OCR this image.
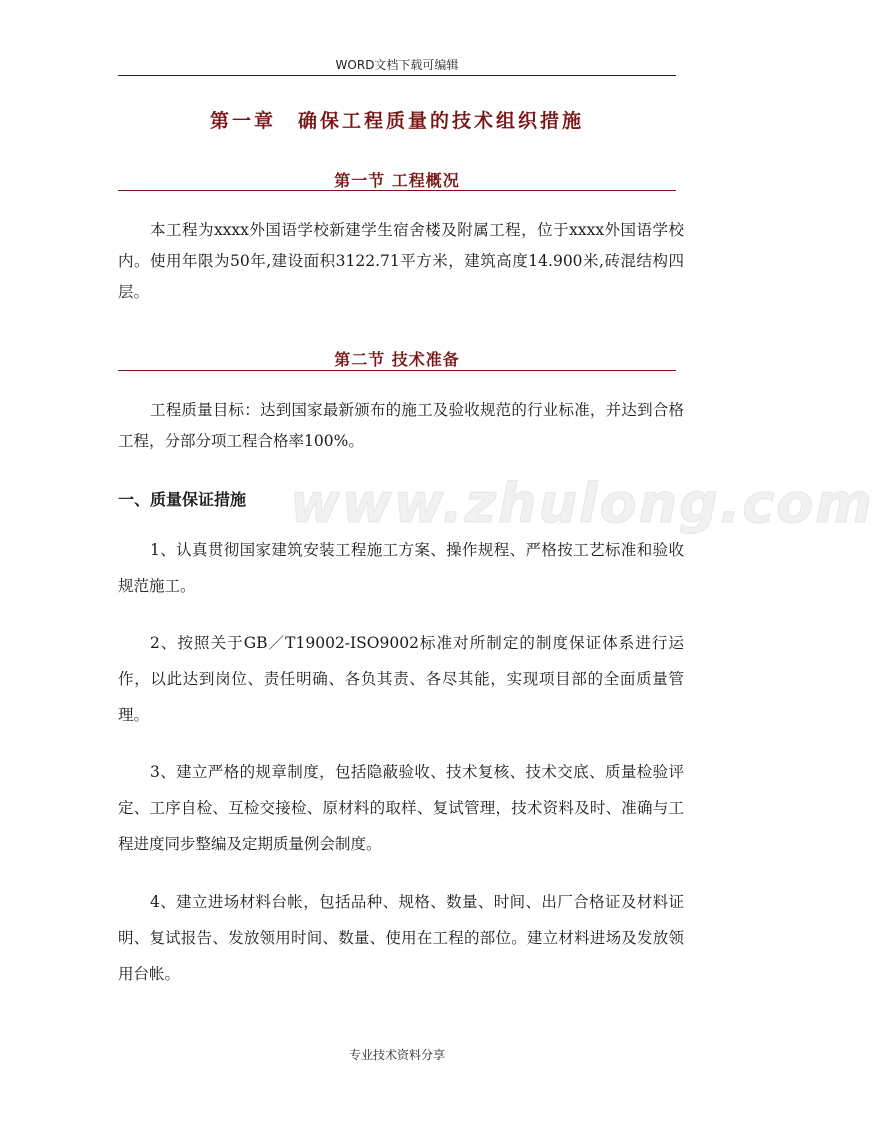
WORD文档下载可编辑
第一章　确保工程质量的技术组织措施
第一节 工程概况

本工程为xxxx外国语学校新建学生宿舍楼及附属工程，位于xxxx外国语学校内。使用年限为50年,建设面积3122.71平方米，建筑高度14.900米,砖混结构四层。

第二节 技术准备

工程质量目标：达到国家最新颁布的施工及验收规范的行业标准，并达到合格工程，分部分项工程合格率100%。

www.zhulong.com
一、质量保证措施

1、认真贯彻国家建筑安装工程施工方案、操作规程、严格按工艺标准和验收规范施工。

2、按照关于GB／T19002-ISO9002标准对所制定的制度保证体系进行运作，以此达到岗位、责任明确、各负其责、各尽其能，实现项目部的全面质量管理。

3、建立严格的规章制度，包括隐蔽验收、技术复核、技术交底、质量检验评定、工序自检、互检交接检、原材料的取样、复试管理，技术资料及时、准确与工程进度同步整编及定期质量例会制度。

4、建立进场材料台帐，包括品种、规格、数量、时间、出厂合格证及材料证明、复试报告、发放领用时间、数量、使用在工程的部位。建立材料进场及发放领用台帐。

专业技术资料分享
